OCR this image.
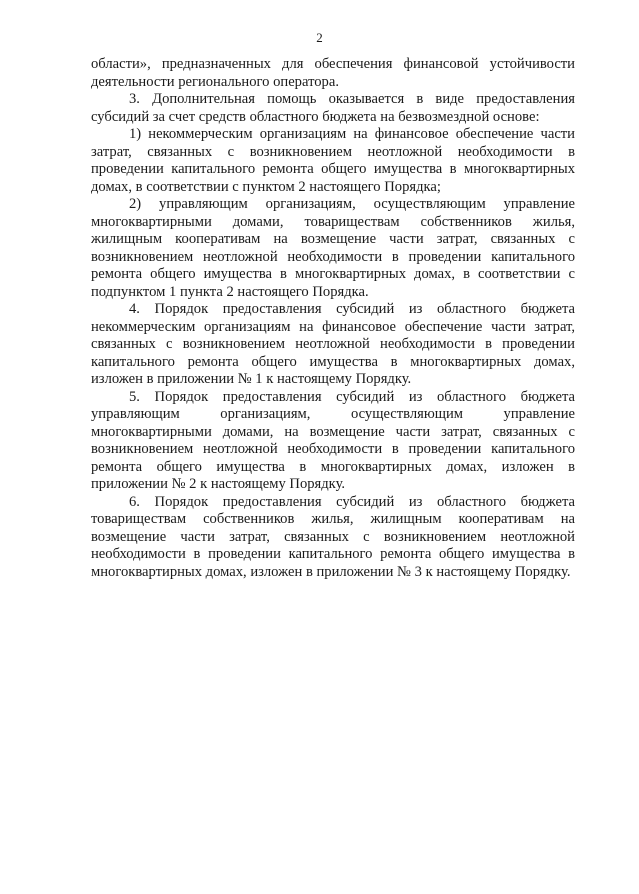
2

области», предназначенных для обеспечения финансовой устойчивости деятельности регионального оператора.

3. Дополнительная помощь оказывается в виде предоставления субсидий за счет средств областного бюджета на безвозмездной основе:

1) некоммерческим организациям на финансовое обеспечение части затрат, связанных с возникновением неотложной необходимости в проведении капитального ремонта общего имущества в многоквартирных домах, в соответствии с пунктом 2 настоящего Порядка;

2) управляющим организациям, осуществляющим управление многоквартирными домами, товариществам собственников жилья, жилищным кооперативам на возмещение части затрат, связанных с возникновением неотложной необходимости в проведении капитального ремонта общего имущества в многоквартирных домах, в соответствии с подпунктом 1 пункта 2 настоящего Порядка.

4. Порядок предоставления субсидий из областного бюджета некоммерческим организациям на финансовое обеспечение части затрат, связанных с возникновением неотложной необходимости в проведении капитального ремонта общего имущества в многоквартирных домах, изложен в приложении № 1 к настоящему Порядку.

5. Порядок предоставления субсидий из областного бюджета управляющим организациям, осуществляющим управление многоквартирными домами, на возмещение части затрат, связанных с возникновением неотложной необходимости в проведении капитального ремонта общего имущества в многоквартирных домах, изложен в приложении № 2 к настоящему Порядку.

6. Порядок предоставления субсидий из областного бюджета товариществам собственников жилья, жилищным кооперативам на возмещение части затрат, связанных с возникновением неотложной необходимости в проведении капитального ремонта общего имущества в многоквартирных домах, изложен в приложении № 3 к настоящему Порядку.
